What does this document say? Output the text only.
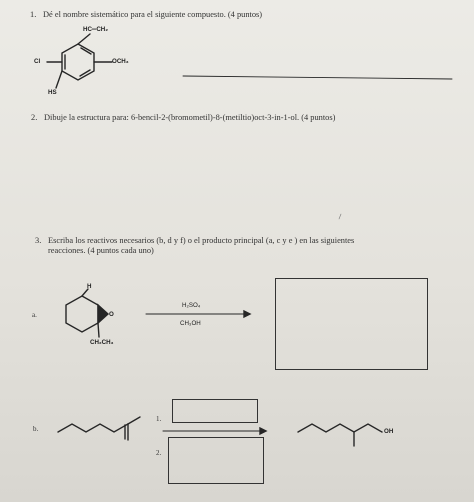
1. Dé el nombre sistemático para el siguiente compuesto. (4 puntos)
HC═CH₂
Cl	OCH₃
HS
2. Dibuje la estructura para: 6-bencil-2-(bromometil)-8-(metiltio)oct-3-in-1-ol. (4 puntos)
3. Escriba los reactivos necesarios (b, d y f) o el producto principal (a, c y e ) en las siguientes
reacciones. (4 puntos cada uno)
a.
H
O
CH₂CH₃
H₂SO₄
CH₃OH
b.
1.
2.
OH
